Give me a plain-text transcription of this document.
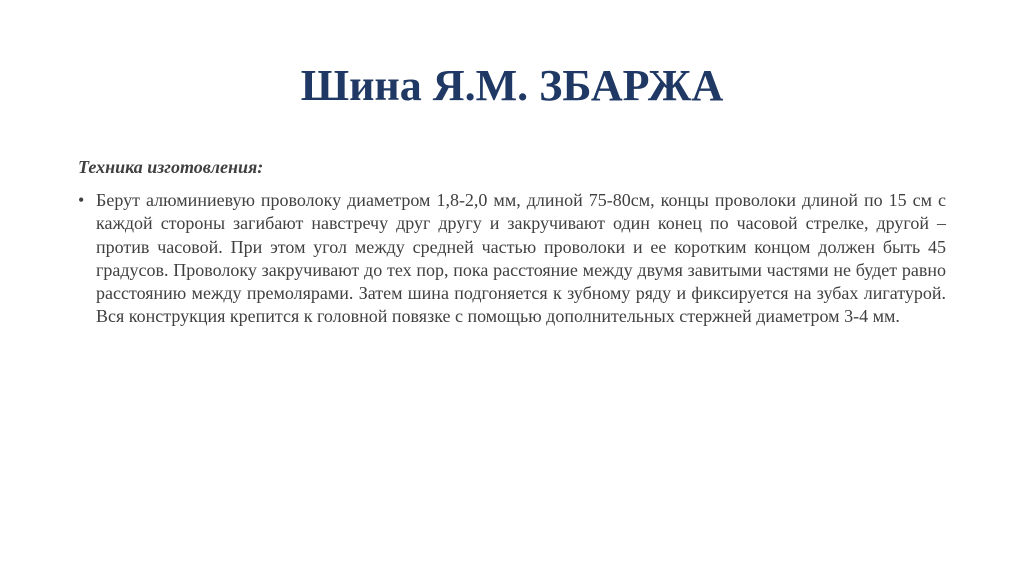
Шина Я.М. ЗБАРЖА

Техника изготовления:

• Берут алюминиевую проволоку диаметром 1,8-2,0 мм, длиной 75-80см, концы проволоки длиной по 15 см с каждой стороны загибают навстречу друг другу и закручивают один конец по часовой стрелке, другой – против часовой. При этом угол между средней частью проволоки и ее коротким концом должен быть 45 градусов. Проволоку закручивают до тех пор, пока расстояние между двумя завитыми частями не будет равно расстоянию между премолярами. Затем шина подгоняется к зубному ряду и фиксируется на зубах лигатурой. Вся конструкция крепится к головной повязке с помощью дополнительных стержней диаметром 3-4 мм.
